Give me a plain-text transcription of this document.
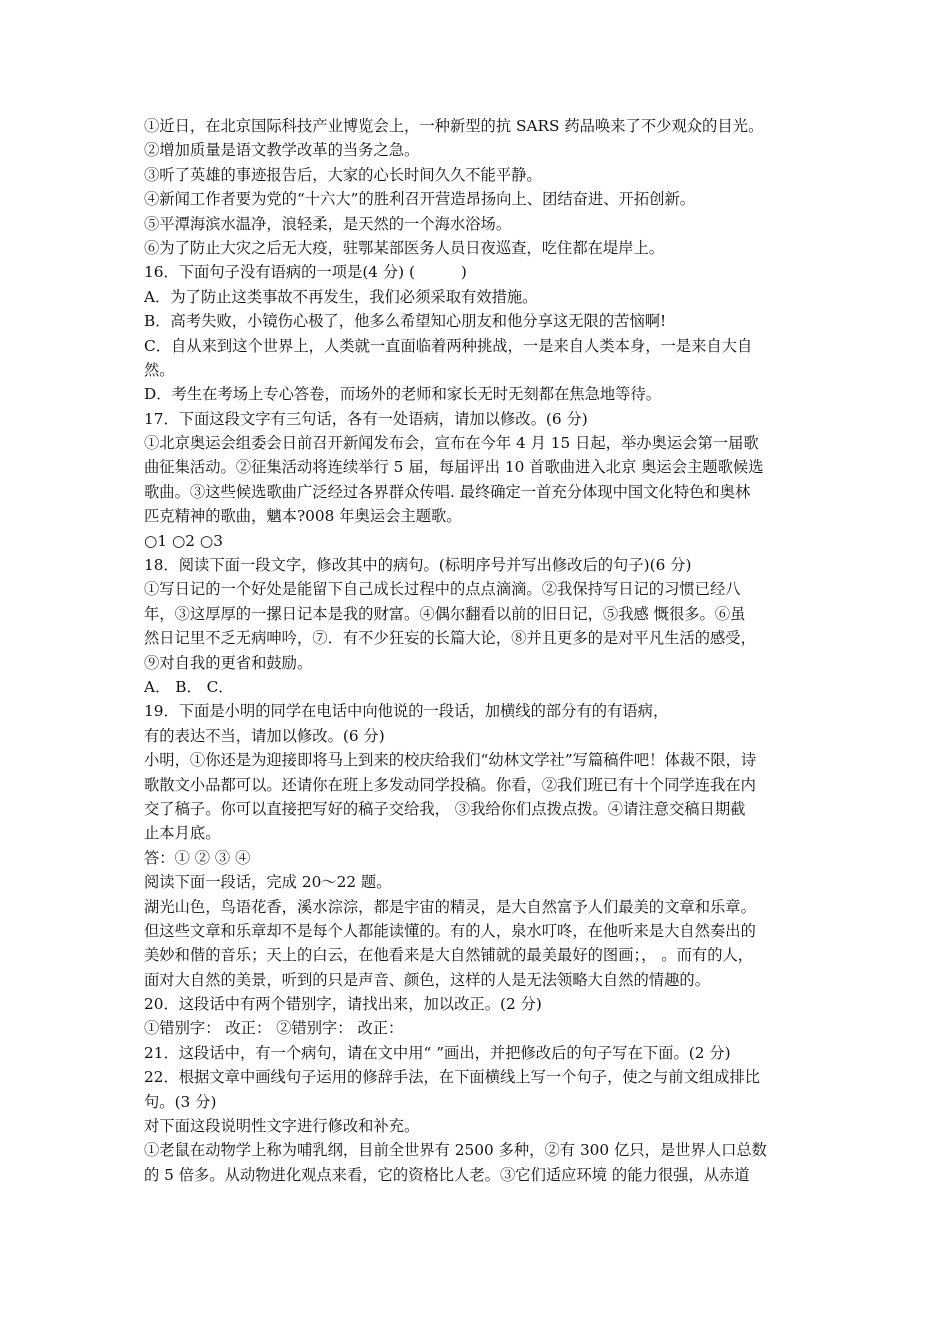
①近日，在北京国际科技产业博览会上，一种新型的抗 SARS 药品唤来了不少观众的目光。
②增加质量是语文教学改革的当务之急。
③听了英雄的事迹报告后，大家的心长时间久久不能平静。
④新闻工作者要为党的“十六大”的胜利召开营造昂扬向上、团结奋进、开拓创新。
⑤平潭海滨水温净，浪轻柔，是天然的一个海水浴场。
⑥为了防止大灾之后无大疫，驻鄂某部医务人员日夜巡查，吃住都在堤岸上。
16．下面句子没有语病的一项是(4 分) (　　　)
A．为了防止这类事故不再发生，我们必须采取有效措施。
B．高考失败，小镜伤心极了，他多么希望知心朋友和他分享这无限的苦恼啊!
C．自从来到这个世界上，人类就一直面临着两种挑战，一是来自人类本身，一是来自大自
然。
D．考生在考场上专心答卷，而场外的老师和家长无时无刻都在焦急地等待。
17．下面这段文字有三句话，各有一处语病，请加以修改。(6 分)
①北京奥运会组委会日前召开新闻发布会，宣布在今年 4 月 15 日起，举办奥运会第一届歌
曲征集活动。②征集活动将连续举行 5 届，每届评出 10 首歌曲进入北京 奥运会主题歌候选
歌曲。③这些候选歌曲广泛经过各界群众传唱. 最终确定一首充分体现中国文化特色和奥林
匹克精神的歌曲，魑本?008 年奥运会主题歌。
○1 ○2 ○3
18．阅读下面一段文字，修改其中的病句。(标明序号并写出修改后的句子)(6 分)
①写日记的一个好处是能留下自己成长过程中的点点滴滴。②我保持写日记的习惯已经八
年，③这厚厚的一摞日记本是我的财富。④偶尔翻看以前的旧日记，⑤我感 慨很多。⑥虽
然日记里不乏无病呻吟，⑦．有不少狂妄的长篇大论，⑧并且更多的是对平凡生活的感受，
⑨对自我的更省和鼓励。
A． B． C．
19．下面是小明的同学在电话中向他说的一段话，加横线的部分有的有语病，
有的表达不当，请加以修改。(6 分)
小明，①你还是为迎接即将马上到来的校庆给我们“幼林文学社”写篇稿件吧！体裁不限，诗
歌散文小品都可以。还请你在班上多发动同学投稿。你看，②我们班已有十个同学连我在内
交了稿子。你可以直接把写好的稿子交给我， ③我给你们点拨点拨。④请注意交稿日期截
止本月底。
答：① ② ③ ④
阅读下面一段话，完成 20～22 题。
湖光山色，鸟语花香，溪水淙淙，都是宇宙的精灵，是大自然富予人们最美的文章和乐章。
但这些文章和乐章却不是每个人都能读懂的。有的人，泉水叮咚，在他听来是大自然奏出的
美妙和偕的音乐；天上的白云，在他看来是大自然铺就的最美最好的图画；， 。而有的人，
面对大自然的美景，听到的只是声音、颜色，这样的人是无法领略大自然的情趣的。
20．这段话中有两个错别字，请找出来，加以改正。(2 分)
①错别字： 改正： ②错别字： 改正：
21．这段话中，有一个病句，请在文中用“ ”画出，并把修改后的句子写在下面。(2 分)
22．根据文章中画线句子运用的修辞手法，在下面横线上写一个句子，使之与前文组成排比
句。(3 分)
对下面这段说明性文字进行修改和补充。
①老鼠在动物学上称为哺乳纲，目前全世界有 2500 多种，②有 300 亿只，是世界人口总数
的 5 倍多。从动物进化观点来看，它的资格比人老。③它们适应环境 的能力很强，从赤道
